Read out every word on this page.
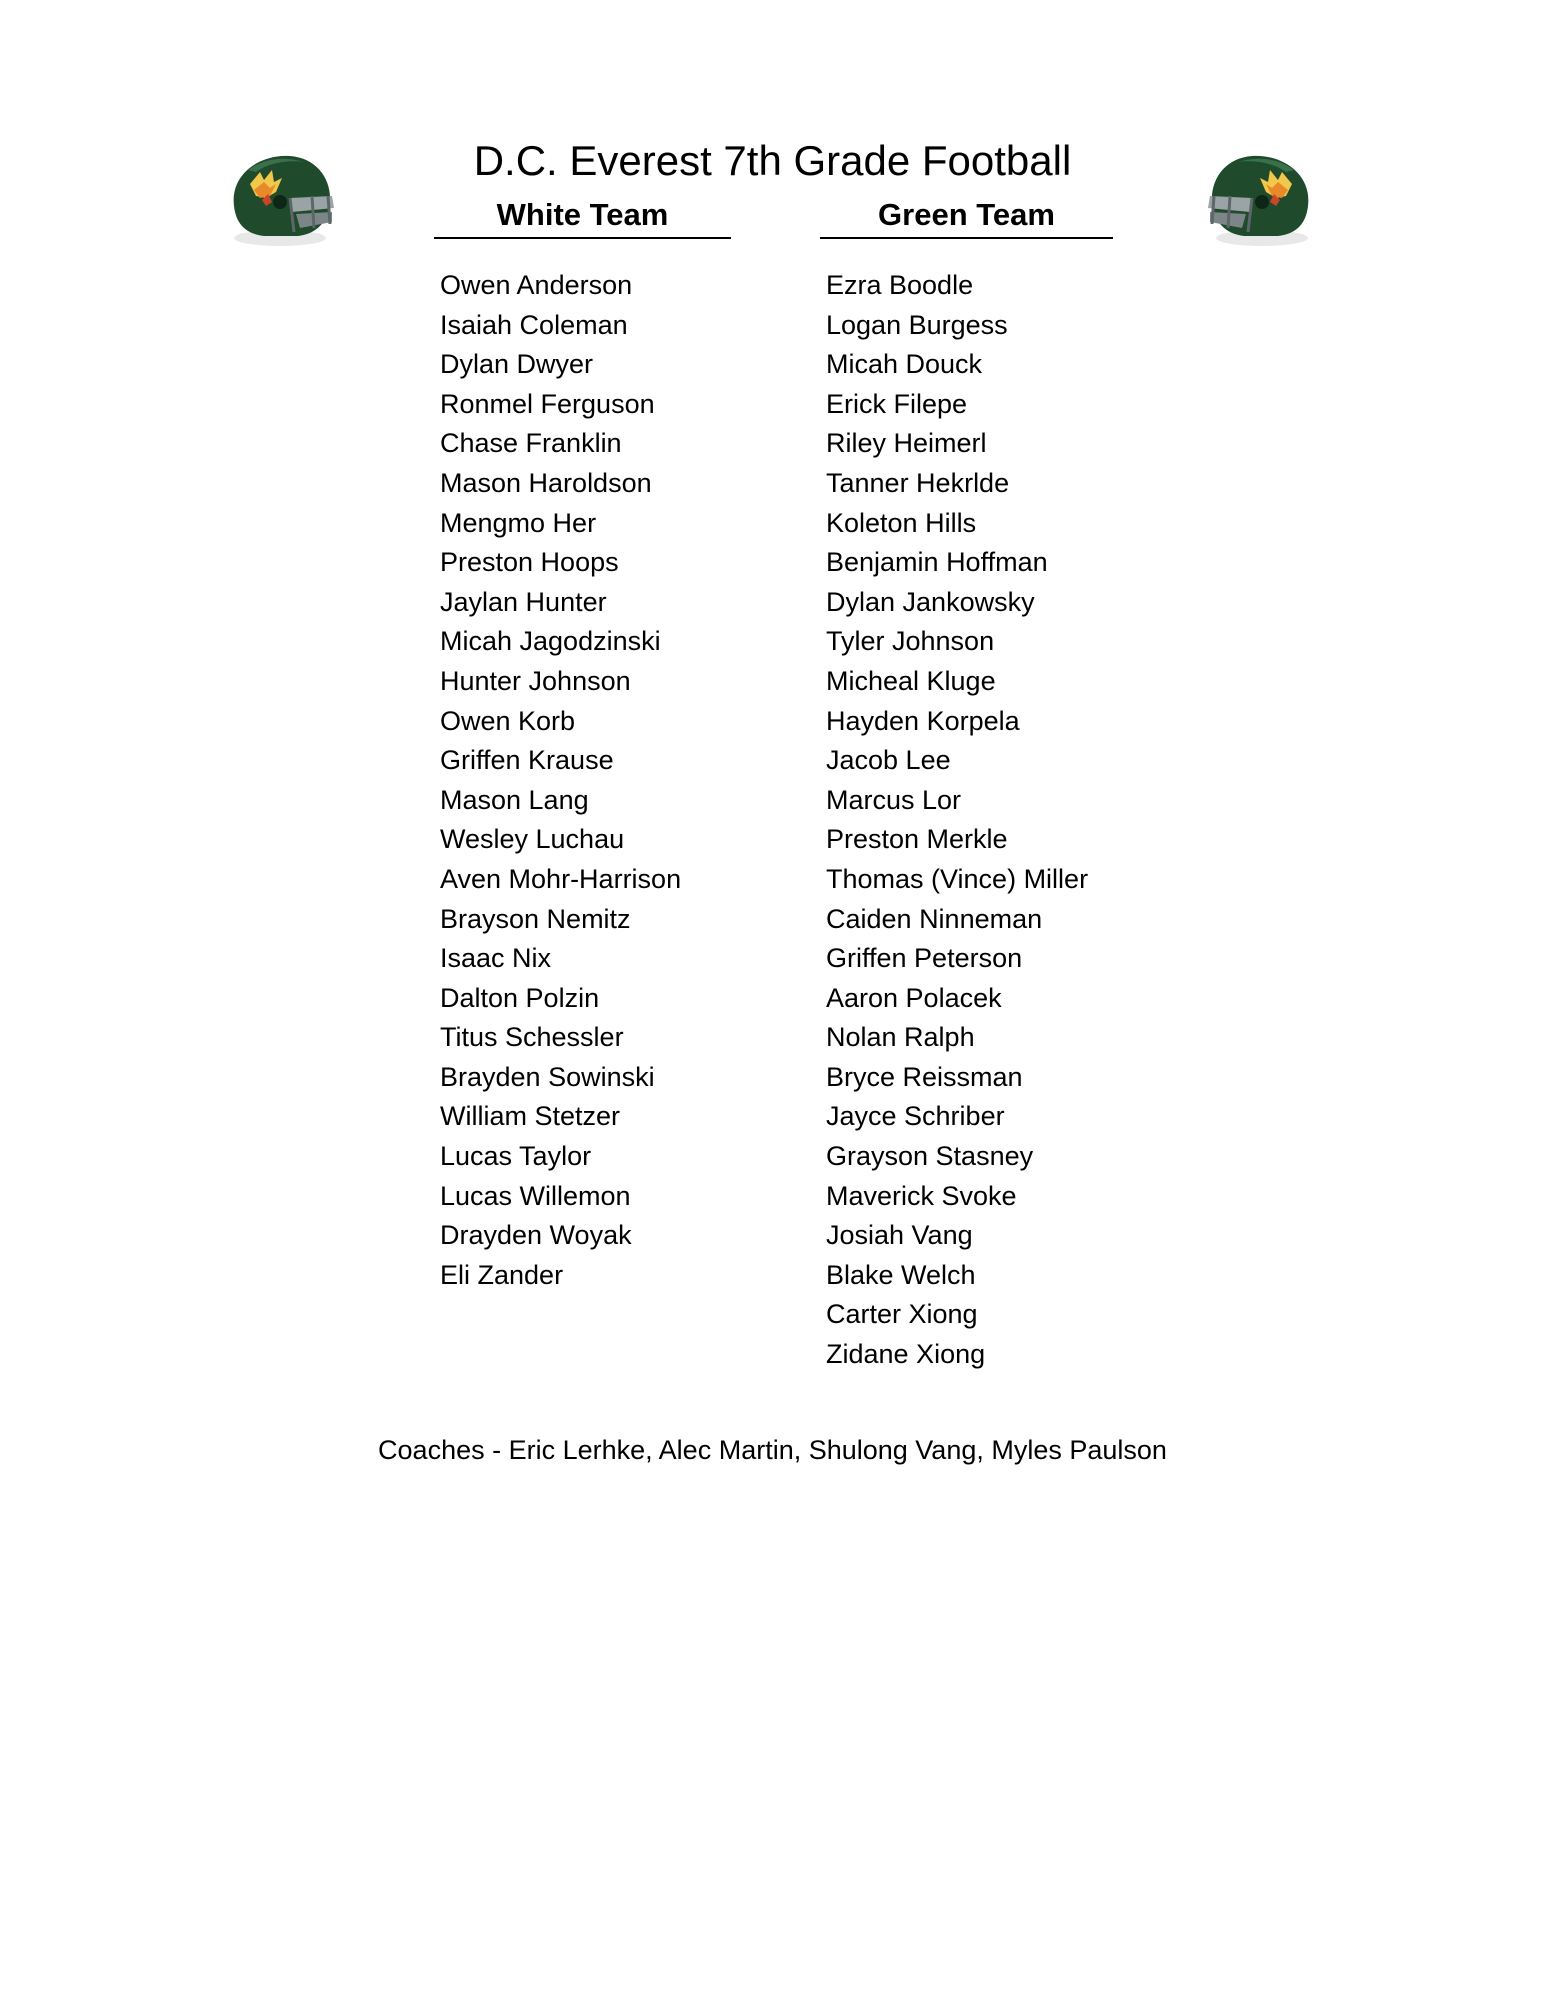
D.C. Everest 7th Grade Football
White Team
Owen Anderson
Isaiah Coleman
Dylan Dwyer
Ronmel Ferguson
Chase Franklin
Mason Haroldson
Mengmo Her
Preston Hoops
Jaylan Hunter
Micah Jagodzinski
Hunter Johnson
Owen Korb
Griffen Krause
Mason Lang
Wesley Luchau
Aven Mohr-Harrison
Brayson Nemitz
Isaac Nix
Dalton Polzin
Titus Schessler
Brayden Sowinski
William Stetzer
Lucas Taylor
Lucas Willemon
Drayden Woyak
Eli Zander
Green Team
Ezra Boodle
Logan Burgess
Micah Douck
Erick Filepe
Riley Heimerl
Tanner Hekrlde
Koleton Hills
Benjamin Hoffman
Dylan Jankowsky
Tyler Johnson
Micheal Kluge
Hayden Korpela
Jacob Lee
Marcus Lor
Preston Merkle
Thomas (Vince) Miller
Caiden Ninneman
Griffen Peterson
Aaron Polacek
Nolan Ralph
Bryce Reissman
Jayce Schriber
Grayson Stasney
Maverick Svoke
Josiah Vang
Blake Welch
Carter Xiong
Zidane Xiong

Coaches - Eric Lerhke, Alec Martin, Shulong Vang, Myles Paulson
